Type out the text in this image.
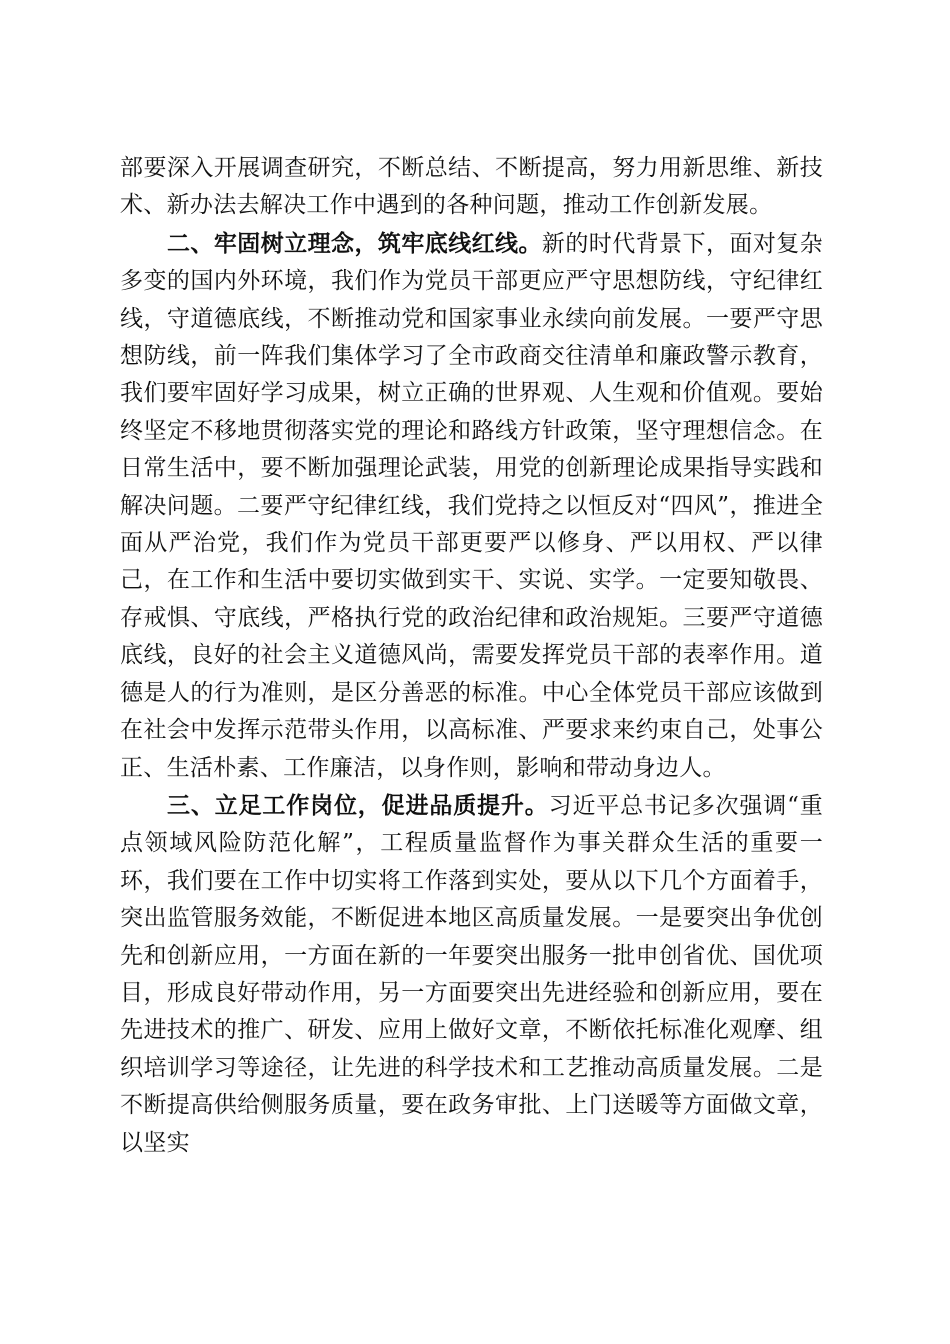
部要深入开展调查研究，不断总结、不断提高，努力用新思维、新技术、新办法去解决工作中遇到的各种问题，推动工作创新发展。

二、牢固树立理念，筑牢底线红线。新的时代背景下，面对复杂多变的国内外环境，我们作为党员干部更应严守思想防线，守纪律红线，守道德底线，不断推动党和国家事业永续向前发展。一要严守思想防线，前一阵我们集体学习了全市政商交往清单和廉政警示教育，我们要牢固好学习成果，树立正确的世界观、人生观和价值观。要始终坚定不移地贯彻落实党的理论和路线方针政策，坚守理想信念。在日常生活中，要不断加强理论武装，用党的创新理论成果指导实践和解决问题。二要严守纪律红线，我们党持之以恒反对“四风”，推进全面从严治党，我们作为党员干部更要严以修身、严以用权、严以律己，在工作和生活中要切实做到实干、实说、实学。一定要知敬畏、存戒惧、守底线，严格执行党的政治纪律和政治规矩。三要严守道德底线，良好的社会主义道德风尚，需要发挥党员干部的表率作用。道德是人的行为准则，是区分善恶的标准。中心全体党员干部应该做到在社会中发挥示范带头作用，以高标准、严要求来约束自己，处事公正、生活朴素、工作廉洁，以身作则，影响和带动身边人。

三、立足工作岗位，促进品质提升。习近平总书记多次强调“重点领域风险防范化解”，工程质量监督作为事关群众生活的重要一环，我们要在工作中切实将工作落到实处，要从以下几个方面着手，突出监管服务效能，不断促进本地区高质量发展。一是要突出争优创先和创新应用，一方面在新的一年要突出服务一批申创省优、国优项目，形成良好带动作用，另一方面要突出先进经验和创新应用，要在先进技术的推广、研发、应用上做好文章，不断依托标准化观摩、组织培训学习等途径，让先进的科学技术和工艺推动高质量发展。二是不断提高供给侧服务质量，要在政务审批、上门送暖等方面做文章，以坚实
